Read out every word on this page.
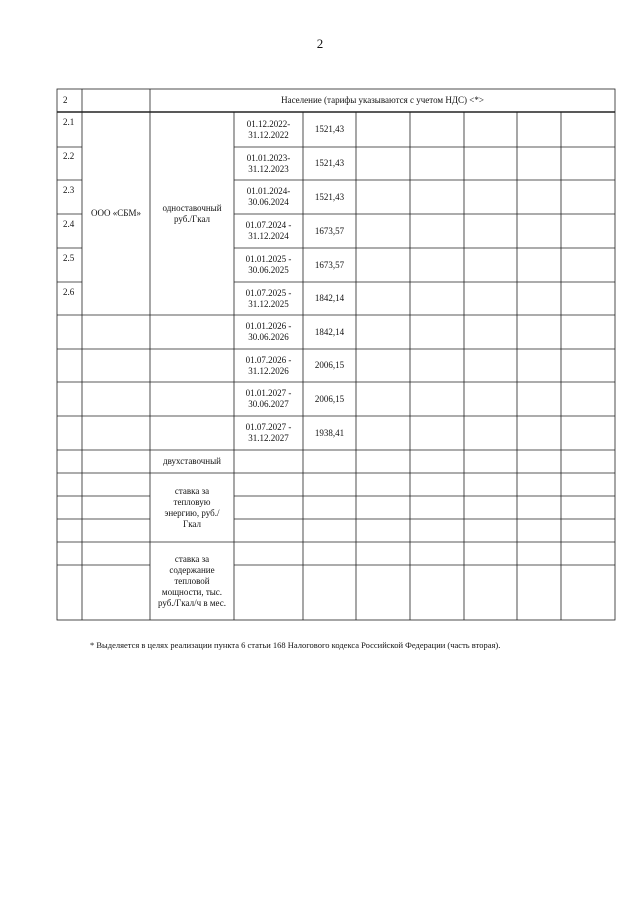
2
2	Население (тарифы указываются с учетом НДС) <*>
2.1
2.2
2.3
2.4
2.5
2.6
ООО «СБМ»
одноставочный руб./Гкал
01.12.2022-
31.12.2022
1521,43
01.01.2023-
31.12.2023
1521,43
01.01.2024-
30.06.2024
1521,43
01.07.2024 -
31.12.2024
1673,57
01.01.2025 -
30.06.2025
1673,57
01.07.2025 -
31.12.2025
1842,14
01.01.2026 -
30.06.2026
1842,14
01.07.2026 -
31.12.2026
2006,15
01.01.2027 -
30.06.2027
2006,15
01.07.2027 -
31.12.2027
1938,41
двухставочный
ставка за тепловую энергию, руб./Гкал
ставка за содержание тепловой мощности, тыс. руб./Гкал/ч в мес.
* Выделяется в целях реализации пункта 6 статьи 168 Налогового кодекса Российской Федерации (часть вторая).
